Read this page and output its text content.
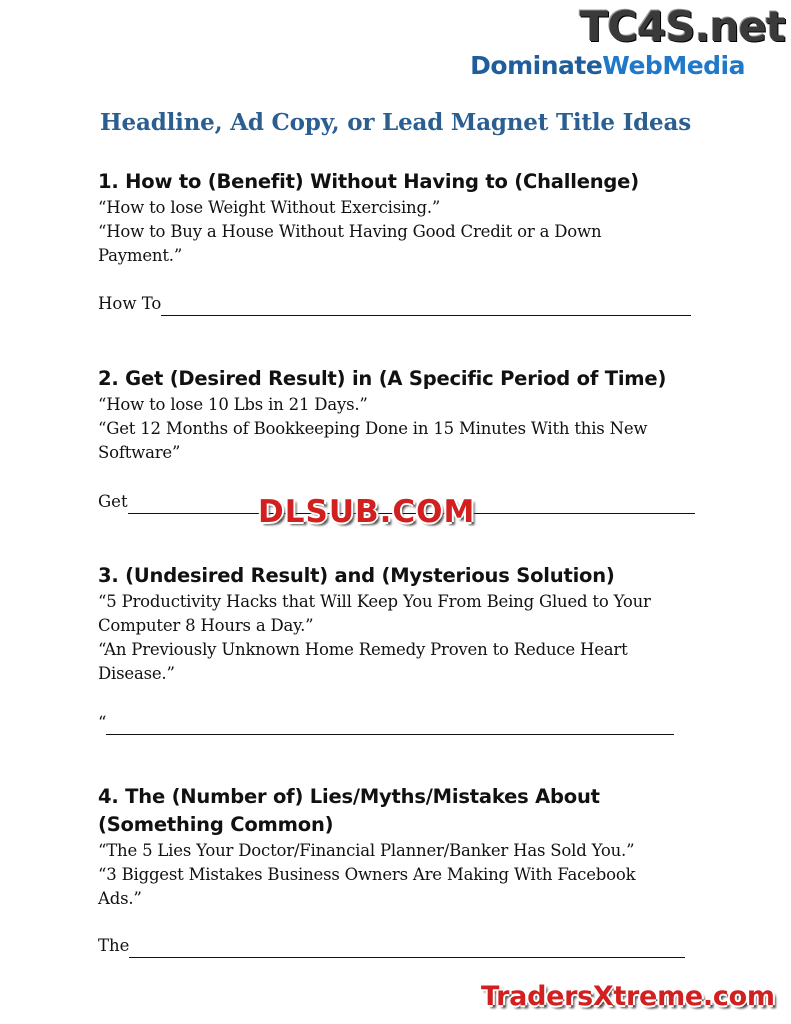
TC4S.net
DominateWebMedia
Headline, Ad Copy, or Lead Magnet Title Ideas
1. How to (Benefit) Without Having to (Challenge)
“How to lose Weight Without Exercising.”
“How to Buy a House Without Having Good Credit or a Down Payment.”
How To
2. Get (Desired Result) in (A Specific Period of Time)
“How to lose 10 Lbs in 21 Days.”
“Get 12 Months of Bookkeeping Done in 15 Minutes With this New Software”
Get
3. (Undesired Result) and (Mysterious Solution)
“5 Productivity Hacks that Will Keep You From Being Glued to Your Computer 8 Hours a Day.”
“An Previously Unknown Home Remedy Proven to Reduce Heart Disease.”
“
4. The (Number of) Lies/Myths/Mistakes About (Something Common)
“The 5 Lies Your Doctor/Financial Planner/Banker Has Sold You.”
“3 Biggest Mistakes Business Owners Are Making With Facebook Ads.”
The
DLSUB.COM
TradersXtreme.com
